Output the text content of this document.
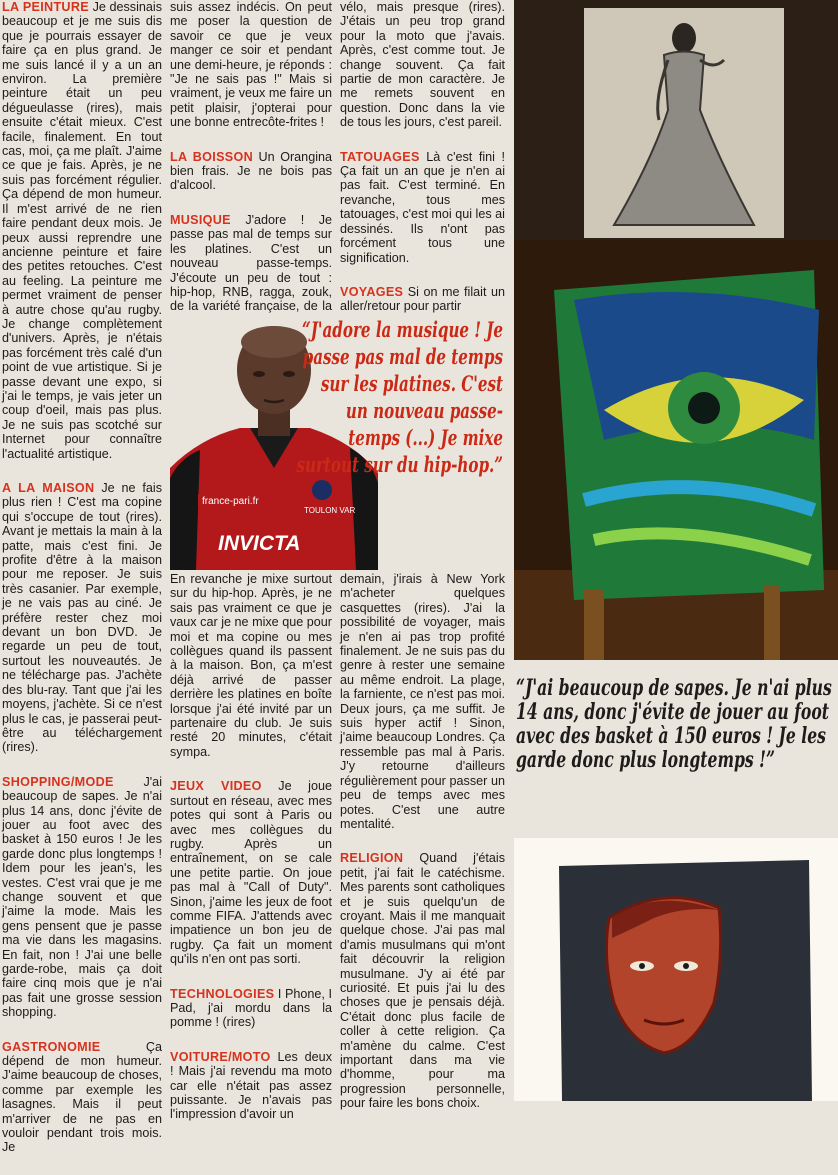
LA PEINTURE Je dessinais beaucoup et je me suis dis que je pourrais essayer de faire ça en plus grand. Je me suis lancé il y a un an environ. La première peinture était un peu dégueulasse (rires), mais ensuite c'était mieux. C'est facile, finalement. En tout cas, moi, ça me plaît. J'aime ce que je fais. Après, je ne suis pas forcément régulier. Ça dépend de mon humeur. Il m'est arrivé de ne rien faire pendant deux mois. Je peux aussi reprendre une ancienne peinture et faire des petites retouches. C'est au feeling. La peinture me permet vraiment de penser à autre chose qu'au rugby. Je change complètement d'univers. Après, je n'étais pas forcément très calé d'un point de vue artistique. Si je passe devant une expo, si j'ai le temps, je vais jeter un coup d'oeil, mais pas plus. Je ne suis pas scotché sur Internet pour connaître l'actualité artistique.

A LA MAISON Je ne fais plus rien ! C'est ma copine qui s'occupe de tout (rires). Avant je mettais la main à la patte, mais c'est fini. Je profite d'être à la maison pour me reposer. Je suis très casanier. Par exemple, je ne vais pas au ciné. Je préfère rester chez moi devant un bon DVD. Je regarde un peu de tout, surtout les nouveautés. Je ne télécharge pas. J'achète des blu-ray. Tant que j'ai les moyens, j'achète. Si ce n'est plus le cas, je passerai peut-être au téléchargement (rires).

SHOPPING/MODE J'ai beaucoup de sapes. Je n'ai plus 14 ans, donc j'évite de jouer au foot avec des basket à 150 euros ! Je les garde donc plus longtemps ! Idem pour les jean's, les vestes. C'est vrai que je me change souvent et que j'aime la mode. Mais les gens pensent que je passe ma vie dans les magasins. En fait, non ! J'ai une belle garde-robe, mais ça doit faire cinq mois que je n'ai pas fait une grosse session shopping.

GASTRONOMIE Ça dépend de mon humeur. J'aime beaucoup de choses, comme par exemple les lasagnes. Mais il peut m'arriver de ne pas en vouloir pendant trois mois. Je

suis assez indécis. On peut me poser la question de savoir ce que je veux manger ce soir et pendant une demi-heure, je réponds : "Je ne sais pas !" Mais si vraiment, je veux me faire un petit plaisir, j'opterai pour une bonne entrecôte-frites !

LA BOISSON Un Orangina bien frais. Je ne bois pas d'alcool.

MUSIQUE J'adore ! Je passe pas mal de temps sur les platines. C'est un nouveau passe-temps. J'écoute un peu de tout : hip-hop, RNB, ragga, zouk, de la variété française, de la

vélo, mais presque (rires). J'étais un peu trop grand pour la moto que j'avais. Après, c'est comme tout. Je change souvent. Ça fait partie de mon caractère. Je me remets souvent en question. Donc dans la vie de tous les jours, c'est pareil.

TATOUAGES Là c'est fini ! Ça fait un an que je n'en ai pas fait. C'est terminé. En revanche, tous mes tatouages, c'est moi qui les ai dessinés. Ils n'ont pas forcément tous une signification.

VOYAGES Si on me filait un aller/retour pour partir

En revanche je mixe surtout sur du hip-hop. Après, je ne sais pas vraiment ce que je vaux car je ne mixe que pour moi et ma copine ou mes collègues quand ils passent à la maison. Bon, ça m'est déjà arrivé de passer derrière les platines en boîte lorsque j'ai été invité par un partenaire du club. Je suis resté 20 minutes, c'était sympa.

JEUX VIDEO Je joue surtout en réseau, avec mes potes qui sont à Paris ou avec mes collègues du rugby. Après un entraînement, on se cale une petite partie. On joue pas mal à "Call of Duty". Sinon, j'aime les jeux de foot comme FIFA. J'attends avec impatience un bon jeu de rugby. Ça fait un moment qu'ils n'en ont pas sorti.

TECHNOLOGIES I Phone, I Pad, j'ai mordu dans la pomme ! (rires)

VOITURE/MOTO Les deux ! Mais j'ai revendu ma moto car elle n'était pas assez puissante. Je n'avais pas l'impression d'avoir un

demain, j'irais à New York m'acheter quelques casquettes (rires). J'ai la possibilité de voyager, mais je n'en ai pas trop profité finalement. Je ne suis pas du genre à rester une semaine au même endroit. La plage, la farniente, ce n'est pas moi. Deux jours, ça me suffit. Je suis hyper actif ! Sinon, j'aime beaucoup Londres. Ça ressemble pas mal à Paris. J'y retourne d'ailleurs régulièrement pour passer un peu de temps avec mes potes. C'est une autre mentalité.

RELIGION Quand j'étais petit, j'ai fait le catéchisme. Mes parents sont catholiques et je suis quelqu'un de croyant. Mais il me manquait quelque chose. J'ai pas mal d'amis musulmans qui m'ont fait découvrir la religion musulmane. J'y ai été par curiosité. Et puis j'ai lu des choses que je pensais déjà. C'était donc plus facile de coller à cette religion. Ça m'amène du calme. C'est important dans ma vie d'homme, pour ma progression personnelle, pour faire les bons choix.

france-pari.fr
TOULON VAR
INVICTA
“J'adore la musique ! Je passe pas mal de temps sur les platines. C'est un nouveau passe-temps (...) Je mixe surtout sur du hip-hop.”
“J'ai beaucoup de sapes. Je n'ai plus 14 ans, donc j'évite de jouer au foot avec des basket à 150 euros ! Je les garde donc plus longtemps !”
